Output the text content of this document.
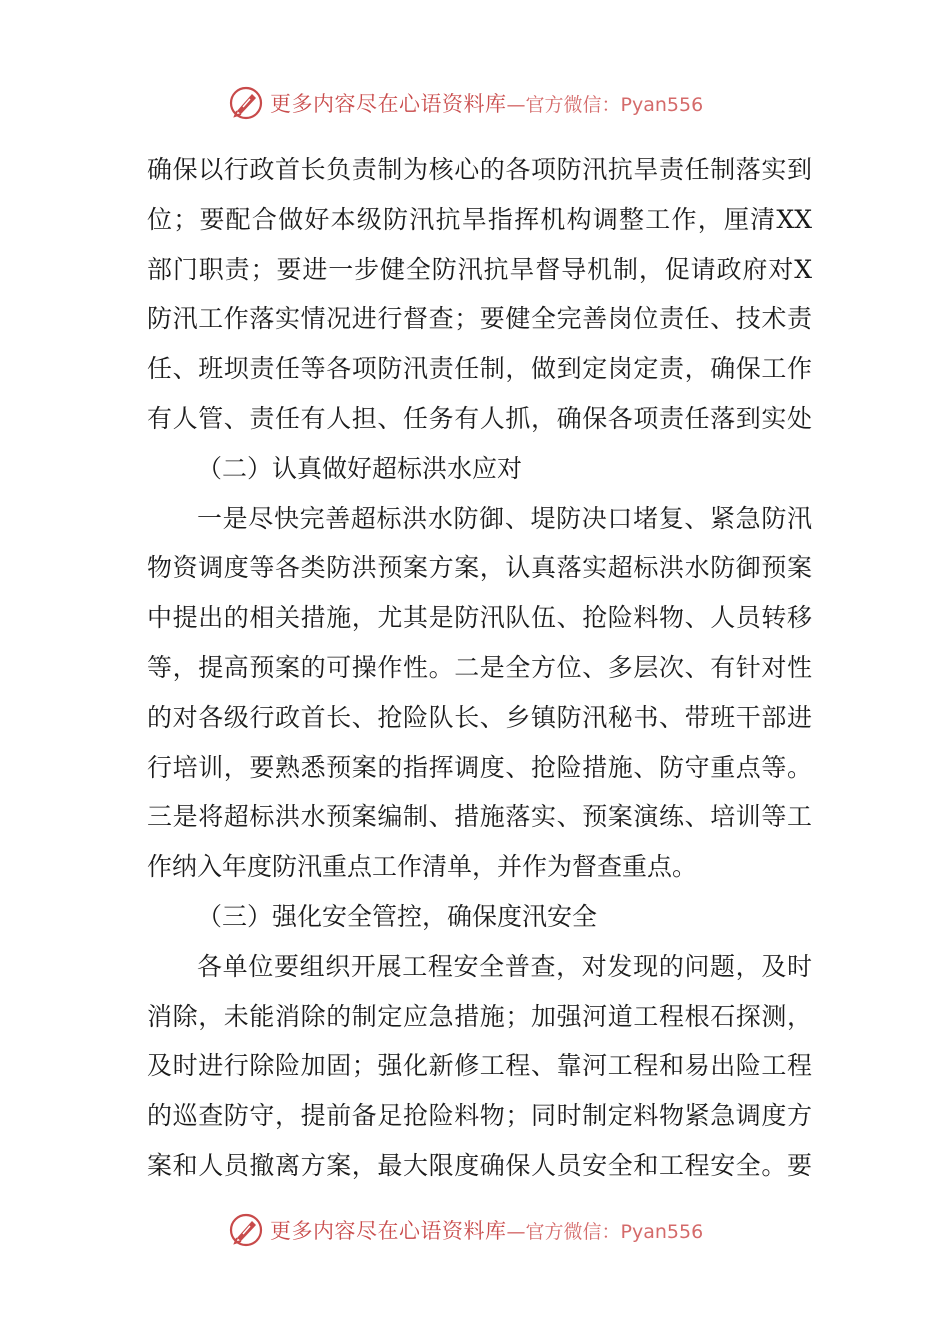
更多内容尽在心语资料库 —官方微信：Pyan556
确保以行政首长负责制为核心的各项防汛抗旱责任制落实到
位；要配合做好本级防汛抗旱指挥机构调整工作，厘清XX
部门职责；要进一步健全防汛抗旱督导机制，促请政府对X
防汛工作落实情况进行督查；要健全完善岗位责任、技术责
任、班坝责任等各项防汛责任制，做到定岗定责，确保工作
有人管、责任有人担、任务有人抓，确保各项责任落到实处
（二）认真做好超标洪水应对
一是尽快完善超标洪水防御、堤防决口堵复、紧急防汛
物资调度等各类防洪预案方案，认真落实超标洪水防御预案
中提出的相关措施，尤其是防汛队伍、抢险料物、人员转移
等，提高预案的可操作性。二是全方位、多层次、有针对性
的对各级行政首长、抢险队长、乡镇防汛秘书、带班干部进
行培训，要熟悉预案的指挥调度、抢险措施、防守重点等。
三是将超标洪水预案编制、措施落实、预案演练、培训等工
作纳入年度防汛重点工作清单，并作为督查重点。
（三）强化安全管控，确保度汛安全
各单位要组织开展工程安全普查，对发现的问题，及时
消除，未能消除的制定应急措施；加强河道工程根石探测，
及时进行除险加固；强化新修工程、靠河工程和易出险工程
的巡查防守，提前备足抢险料物；同时制定料物紧急调度方
案和人员撤离方案，最大限度确保人员安全和工程安全。要
更多内容尽在心语资料库 —官方微信：Pyan556
